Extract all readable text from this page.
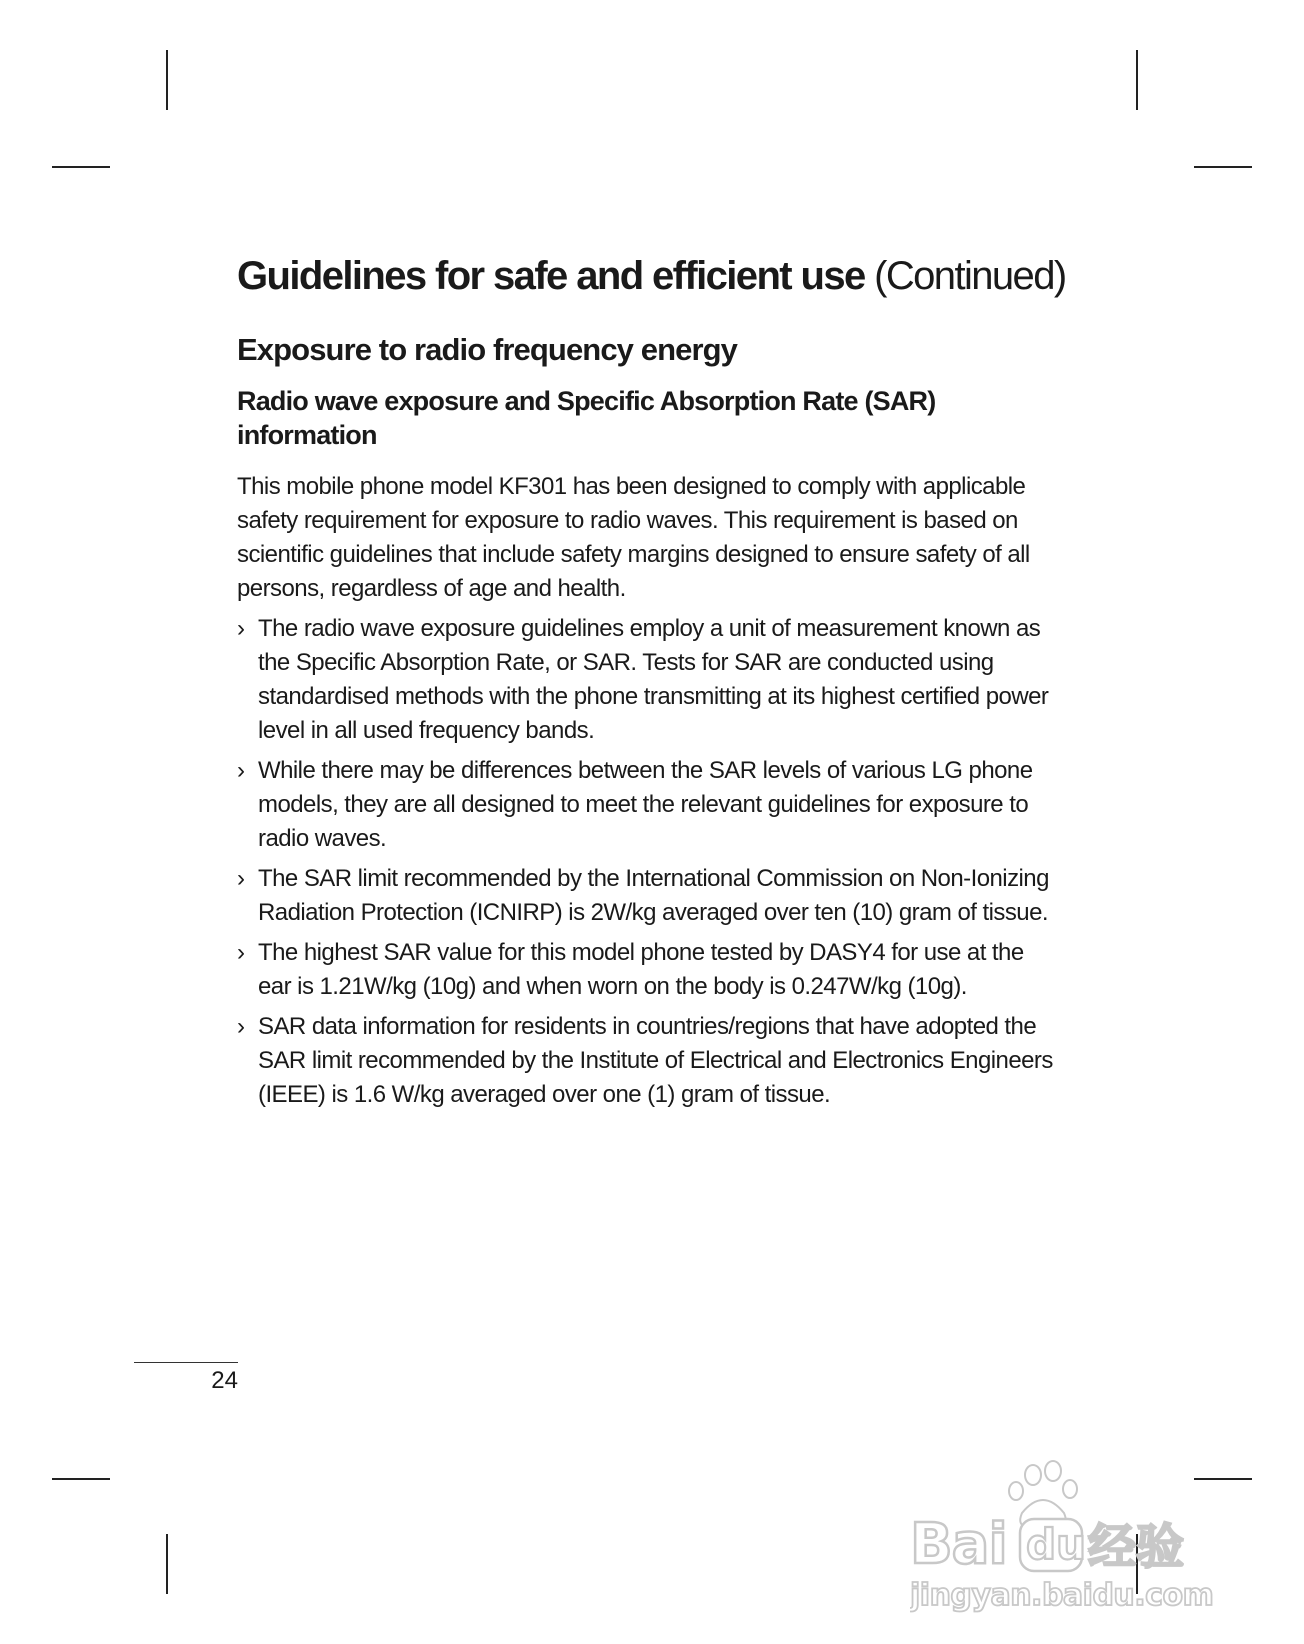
Guidelines for safe and efficient use (Continued)
Exposure to radio frequency energy
Radio wave exposure and Specific Absorption Rate (SAR) information

This mobile phone model KF301 has been designed to comply with applicable safety requirement for exposure to radio waves. This requirement is based on scientific guidelines that include safety margins designed to ensure safety of all persons, regardless of age and health.

› The radio wave exposure guidelines employ a unit of measurement known as the Specific Absorption Rate, or SAR. Tests for SAR are conducted using standardised methods with the phone transmitting at its highest certified power level in all used frequency bands.
› While there may be differences between the SAR levels of various LG phone models, they are all designed to meet the relevant guidelines for exposure to radio waves.
› The SAR limit recommended by the International Commission on Non-Ionizing Radiation Protection (ICNIRP) is 2W/kg averaged over ten (10) gram of tissue.
› The highest SAR value for this model phone tested by DASY4 for use at the ear is 1.21W/kg (10g) and when worn on the body is 0.247W/kg (10g).
› SAR data information for residents in countries/regions that have adopted the SAR limit recommended by the Institute of Electrical and Electronics Engineers (IEEE) is 1.6 W/kg averaged over one (1) gram of tissue.
24
Bai du 经验
jingyan.baidu.com
